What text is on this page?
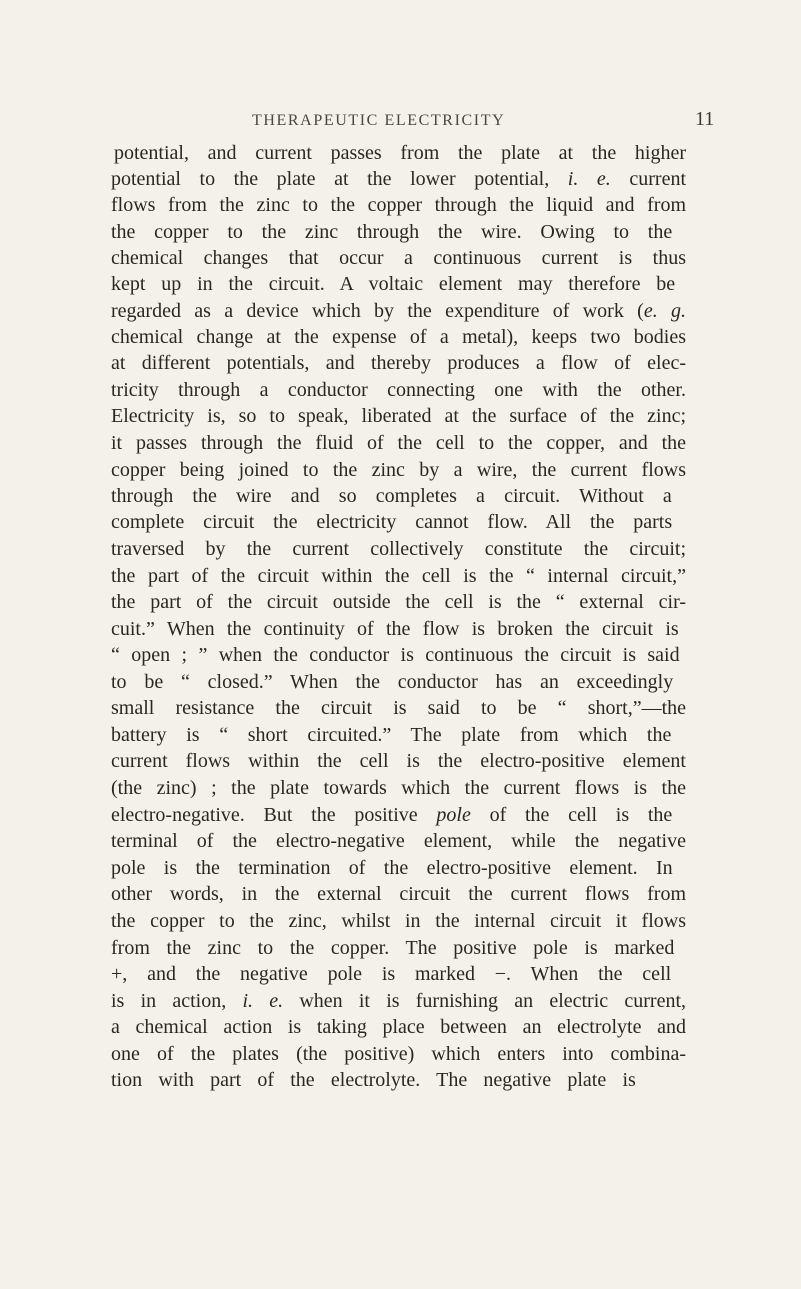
THERAPEUTIC ELECTRICITY	11
potential, and current passes from the plate at the higher
potential to the plate at the lower potential, i. e. current
flows from the zinc to the copper through the liquid and from
the copper to the zinc through the wire. Owing to the
chemical changes that occur a continuous current is thus
kept up in the circuit. A voltaic element may therefore be
regarded as a device which by the expenditure of work (e. g.
chemical change at the expense of a metal), keeps two bodies
at different potentials, and thereby produces a flow of elec-
tricity through a conductor connecting one with the other.
Electricity is, so to speak, liberated at the surface of the zinc;
it passes through the fluid of the cell to the copper, and the
copper being joined to the zinc by a wire, the current flows
through the wire and so completes a circuit. Without a
complete circuit the electricity cannot flow. All the parts
traversed by the current collectively constitute the circuit;
the part of the circuit within the cell is the “ internal circuit,”
the part of the circuit outside the cell is the “ external cir-
cuit.” When the continuity of the flow is broken the circuit is
“ open ; ” when the conductor is continuous the circuit is said
to be “ closed.” When the conductor has an exceedingly
small resistance the circuit is said to be “ short,”—the
battery is “ short circuited.” The plate from which the
current flows within the cell is the electro-positive element
(the zinc) ; the plate towards which the current flows is the
electro-negative. But the positive pole of the cell is the
terminal of the electro-negative element, while the negative
pole is the termination of the electro-positive element. In
other words, in the external circuit the current flows from
the copper to the zinc, whilst in the internal circuit it flows
from the zinc to the copper. The positive pole is marked
+, and the negative pole is marked −. When the cell
is in action, i. e. when it is furnishing an electric current,
a chemical action is taking place between an electrolyte and
one of the plates (the positive) which enters into combina-
tion with part of the electrolyte. The negative plate is
